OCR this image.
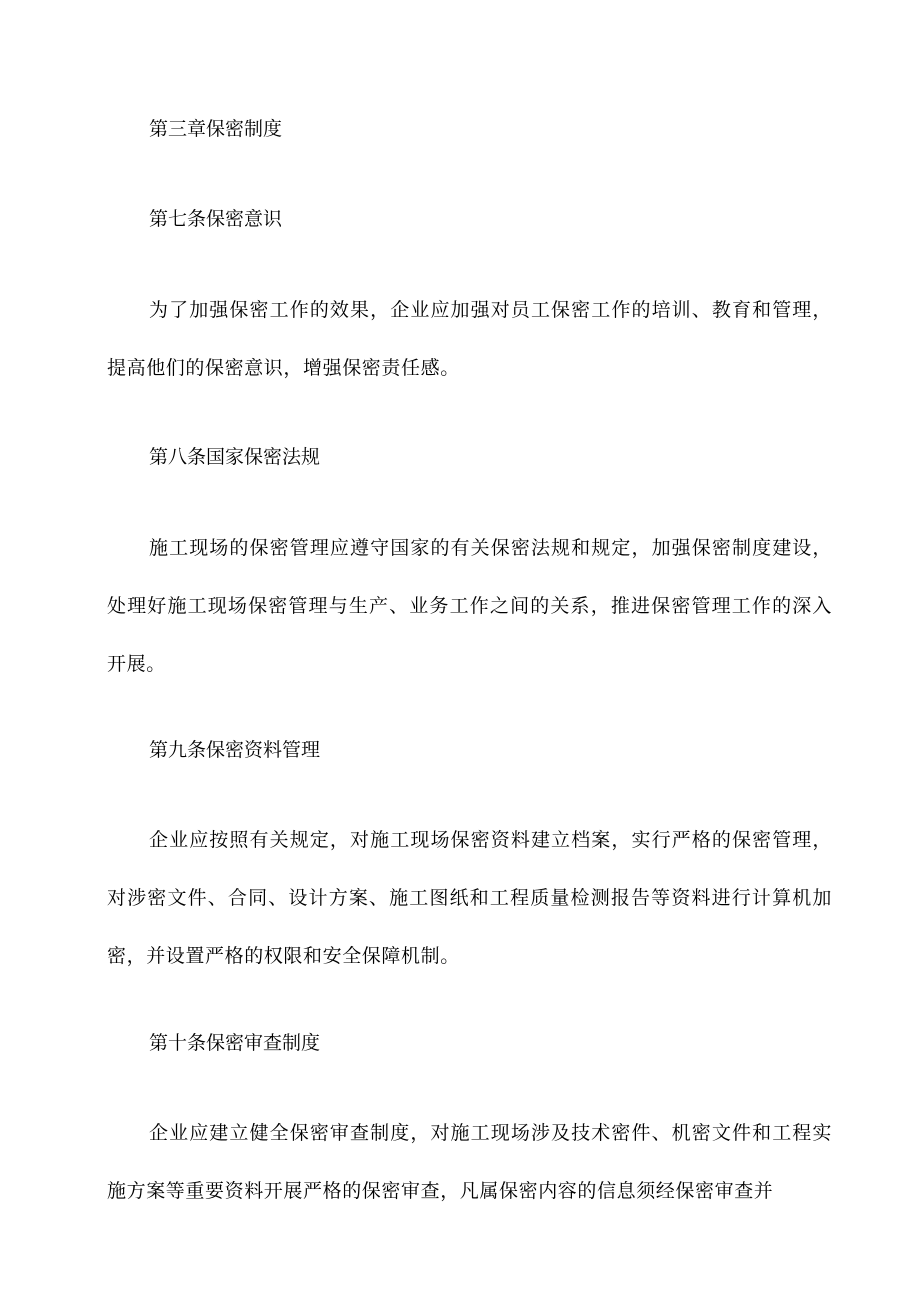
第三章保密制度
第七条保密意识
为了加强保密工作的效果，企业应加强对员工保密工作的培训、教育和管理，提高他们的保密意识，增强保密责任感。
第八条国家保密法规
施工现场的保密管理应遵守国家的有关保密法规和规定，加强保密制度建设，处理好施工现场保密管理与生产、业务工作之间的关系，推进保密管理工作的深入开展。
第九条保密资料管理
企业应按照有关规定，对施工现场保密资料建立档案，实行严格的保密管理，对涉密文件、合同、设计方案、施工图纸和工程质量检测报告等资料进行计算机加密，并设置严格的权限和安全保障机制。
第十条保密审查制度
企业应建立健全保密审查制度，对施工现场涉及技术密件、机密文件和工程实施方案等重要资料开展严格的保密审查，凡属保密内容的信息须经保密审查并
